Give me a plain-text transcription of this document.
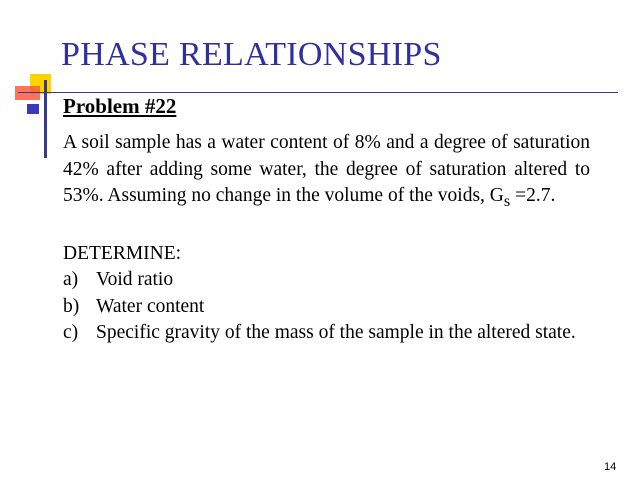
PHASE RELATIONSHIPS
Problem #22

A soil sample has a water content of 8% and a degree of saturation 42% after adding some water, the degree of saturation altered to 53%. Assuming no change in the volume of the voids, $G_s =2.7$.

DETERMINE:

a) Void ratio
b) Water content
c) Specific gravity of the mass of the sample in the altered state.
14
